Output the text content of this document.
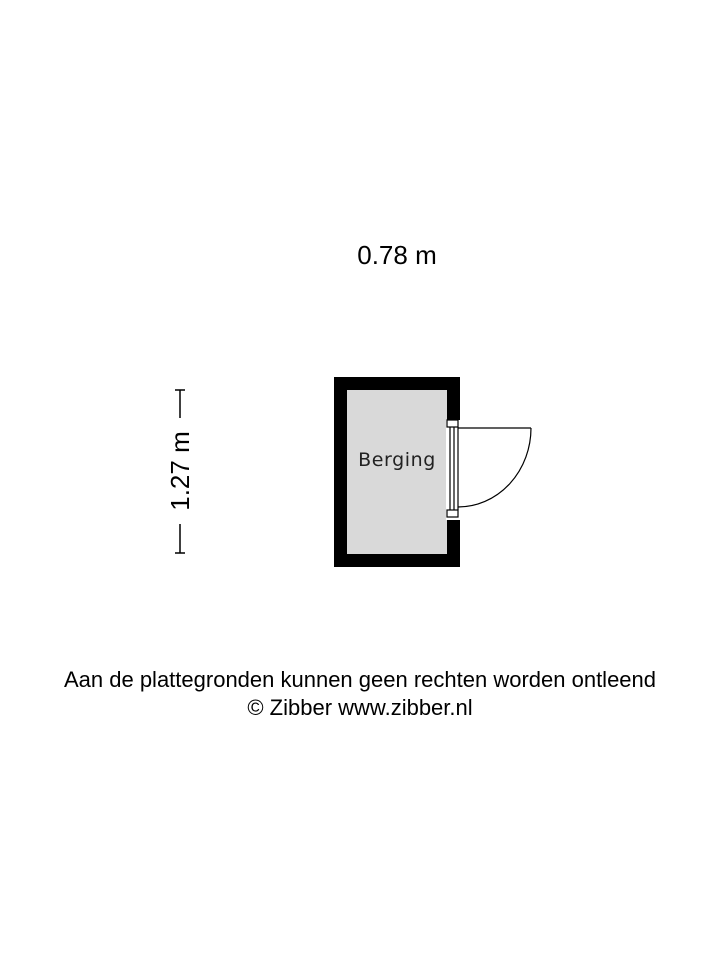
0.78 m
1.27 m	Berging
Aan de plattegronden kunnen geen rechten worden ontleend
© Zibber www.zibber.nl
